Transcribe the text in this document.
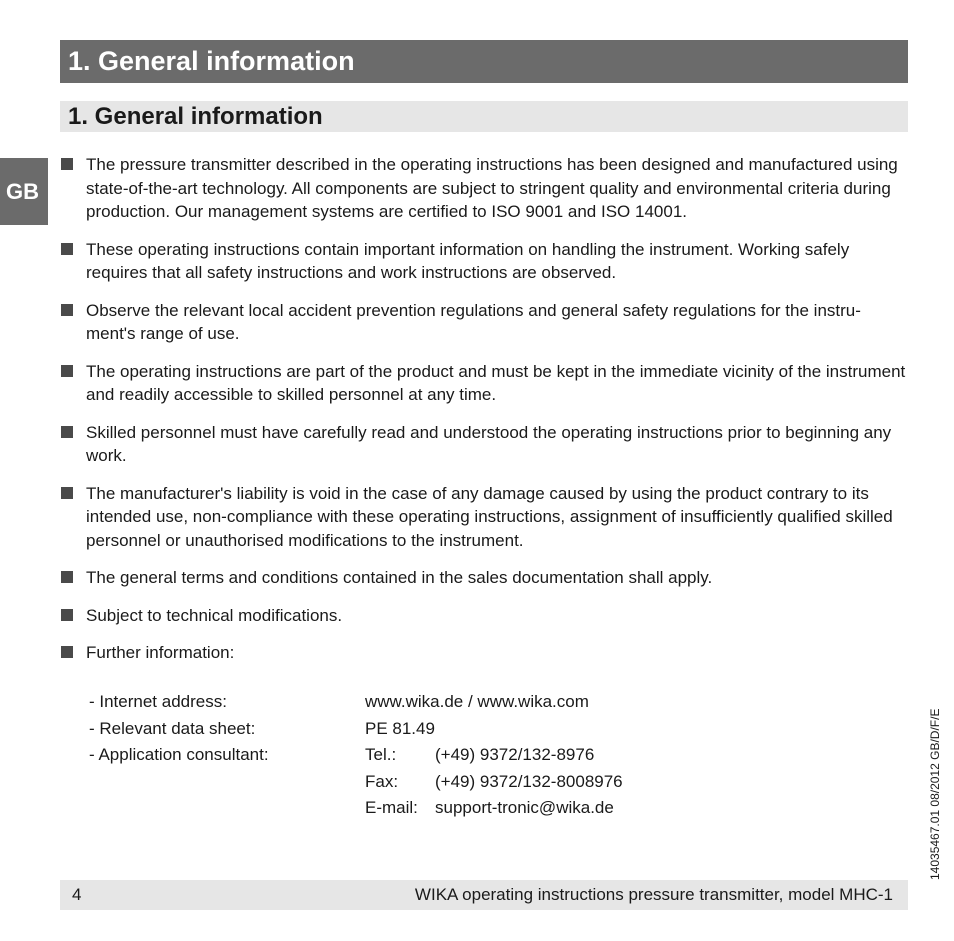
1. General information
1. General information
GB
The pressure transmitter described in the operating instructions has been designed and manufactured using state-of-the-art technology. All components are subject to stringent quality and environmental criteria during production. Our management systems are certified to ISO 9001 and ISO 14001.
These operating instructions contain important information on handling the instrument. Working safely requires that all safety instructions and work instructions are observed.
Observe the relevant local accident prevention regulations and general safety regulations for the instru-ment's range of use.
The operating instructions are part of the product and must be kept in the immediate vicinity of the instrument and readily accessible to skilled personnel at any time.
Skilled personnel must have carefully read and understood the operating instructions prior to beginning any work.
The manufacturer's liability is void in the case of any damage caused by using the product contrary to its intended use, non-compliance with these operating instructions, assignment of insufficiently qualified skilled personnel or unauthorised modifications to the instrument.
The general terms and conditions contained in the sales documentation shall apply.
Subject to technical modifications.
Further information:
- Internet address:	www.wika.de / www.wika.com	
- Relevant data sheet:	PE 81.49	
- Application consultant:	Tel.:	(+49) 9372/132-8976
	Fax:	(+49) 9372/132-8008976
	E-mail:	support-tronic@wika.de	14035467.01 08/2012 GB/D/F/E
4	WIKA operating instructions pressure transmitter, model MHC-1
